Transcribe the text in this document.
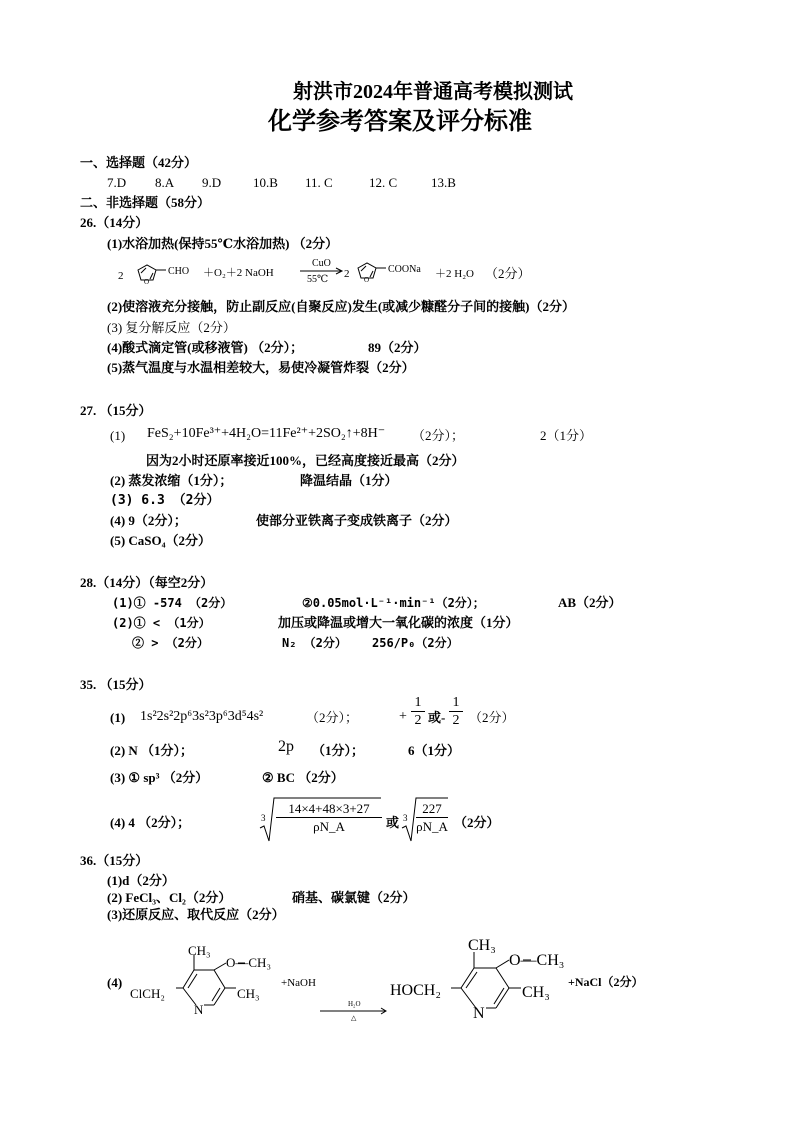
射洪市2024年普通高考模拟测试
化学参考答案及评分标准
一、选择题（42分）
7.D 8.A 9.D 10.B 11. C	12. C	13.B
二、非选择题（58分）
26.（14分）
(1)水浴加热(保持55℃水浴加热) （2分）
2	O
CHO ＋O₂＋2 NaOH
CuO
55℃ 2 O
COONa ＋2 H₂O （2分）
(2)使溶液充分接触，防止副反应(自聚反应)发生(或减少糠醛分子间的接触)（2分）
(3) 复分解反应（2分）
(4)酸式滴定管(或移液管) （2分）；	89（2分）
(5)蒸气温度与水温相差较大，易使冷凝管炸裂（2分）
27. （15分）
(1) FeS₂+10Fe³⁺+4H₂O=11Fe²⁺+2SO₂↑+8H⁻ （2分）；	2（1分）
因为2小时还原率接近100%，已经高度接近最高（2分）
(2) 蒸发浓缩（1分）；	降温结晶（1分）
(3) 6.3 （2分）
(4) 9（2分）；	使部分亚铁离子变成铁离子（2分）
(5) CaSO₄（2分）
28.（14分）（每空2分）
(1)① -574 （2分）	②0.05mol·L⁻¹·min⁻¹（2分）；	AB（2分）
(2)① < （1分）	加压或降温或增大一氧化碳的浓度（1分）
② > （2分）	N₂ （2分） 256/P₀（2分）
35. （15分）
(1) 1s²2s²2p⁶3s²3p⁶3d⁵4s²	（2分）；	+ $\frac{1}{2}$ 或- $\frac{1}{2} (2$分）
(2) N （1分）；	2p （1分）；	6（1分）
(3) ① sp³ （2分）	② BC （2分）
(4) 4 （2分）；	$3 \frac{14\times 4+48\times 3+27}{\rho N\_A}$ 或 $3 \frac{227}{\rho N\_A} (2$分）
36.（15分）
(1)d（2分）
(2) FeCl₃、Cl₂（2分）	硝基、碳氯键（2分）
(3)还原反应、取代反应（2分）
(4)
CH₃
O—CH₃
ClCH₂	CH₃
N
+NaOH
H₂O
△
CH₃
O—CH₃
HOCH₂	CH₃
N
+NaCl（2分）
